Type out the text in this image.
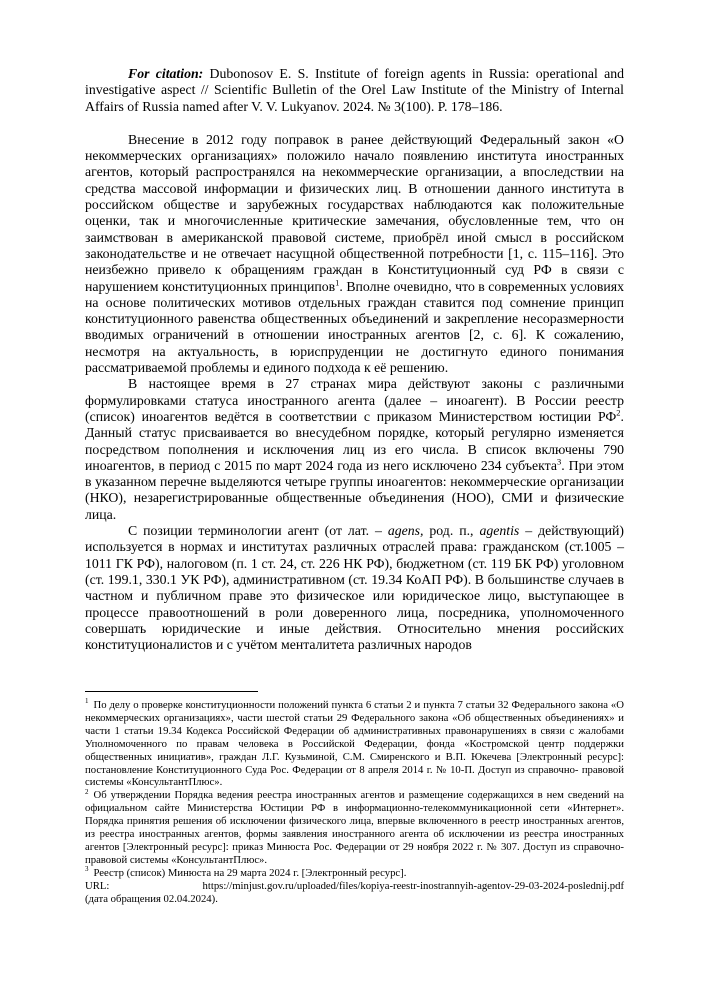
For citation: Dubonosov E. S. Institute of foreign agents in Russia: operational and investigative aspect // Scientific Bulletin of the Orel Law Institute of the Ministry of Internal Affairs of Russia named after V. V. Lukyanov. 2024. № 3(100). P. 178–186.

Внесение в 2012 году поправок в ранее действующий Федеральный закон «О некоммерческих организациях» положило начало появлению института иностранных агентов, который распространялся на некоммерческие организации, а впоследствии на средства массовой информации и физических лиц. В отношении данного института в российском обществе и зарубежных государствах наблюдаются как положительные оценки, так и многочисленные критические замечания, обусловленные тем, что он заимствован в американской правовой системе, приобрёл иной смысл в российском законодательстве и не отвечает насущной общественной потребности [1, с. 115–116]. Это неизбежно привело к обращениям граждан в Конституционный суд РФ в связи с нарушением конституционных принципов$^1$. Вполне очевидно, что в современных условиях на основе политических мотивов отдельных граждан ставится под сомнение принцип конституционного равенства общественных объединений и закрепление несоразмерности вводимых ограничений в отношении иностранных агентов [2, с. 6]. К сожалению, несмотря на актуальность, в юриспруденции не достигнуто единого понимания рассматриваемой проблемы и единого подхода к её решению.

В настоящее время в 27 странах мира действуют законы с различными формулировками статуса иностранного агента (далее – иноагент). В России реестр (список) иноагентов ведётся в соответствии с приказом Министерством юстиции $РФ^2$. Данный статус присваивается во внесудебном порядке, который регулярно изменяется посредством пополнения и исключения лиц из его числа. В список включены 790 иноагентов, в период с 2015 по март 2024 года из него исключено 234 субъекта$^3$. При этом в указанном перечне выделяются четыре группы иноагентов: некоммерческие организации (НКО), незарегистрированные общественные объединения (НОО), СМИ и физические лица.

С позиции терминологии агент (от лат. – agens, род. п., agentis – действующий) используется в нормах и институтах различных отраслей права: гражданском (ст.1005 – 1011 ГК РФ), налоговом (п. 1 ст. 24, ст. 226 НК РФ), бюджетном (ст. 119 БК РФ) уголовном (ст. 199.1, 330.1 УК РФ), административном (ст. 19.34 КоАП РФ). В большинстве случаев в частном и публичном праве это физическое или юридическое лицо, выступающее в процессе правоотношений в роли доверенного лица, посредника, уполномоченного совершать юридические и иные действия. Относительно мнения российских конституционалистов и с учётом менталитета различных народов

$^1$ По делу о проверке конституционности положений пункта 6 статьи 2 и пункта 7 статьи 32 Федерального закона «О некоммерческих организациях», части шестой статьи 29 Федерального закона «Об общественных объединениях» и части 1 статьи 19.34 Кодекса Российской Федерации об административных правонарушениях в связи с жалобами Уполномоченного по правам человека в Российской Федерации, фонда «Костромской центр поддержки общественных инициатив», граждан Л.Г. Кузьминой, С.М. Смиренского и В.П. Юкечева [Электронный ресурс]: постановление Конституционного Суда Рос. Федерации от 8 апреля 2014 г. № 10-П. Доступ из справочно- правовой системы «КонсультантПлюс».

$^2$ Об утверждении Порядка ведения реестра иностранных агентов и размещение содержащихся в нем сведений на официальном сайте Министерства Юстиции РФ в информационно-телекоммуникационной сети «Интернет». Порядка принятия решения об исключении физического лица, впервые включенного в реестр иностранных агентов, из реестра иностранных агентов, формы заявления иностранного агента об исключении из реестра иностранных агентов [Электронный ресурс]: приказ Минюста Рос. Федерации от 29 ноября 2022 г. № 307. Доступ из справочно- правовой системы «КонсультантПлюс».

$^3$ Реестр (список) Минюста на 29 марта 2024 г. [Электронный ресурс].

URL:	https://minjust.gov.ru/uploaded/files/kopiya-reestr-inostrannyih-agentov-29-03-2024-poslednij.pdf

(дата обращения 02.04.2024).
